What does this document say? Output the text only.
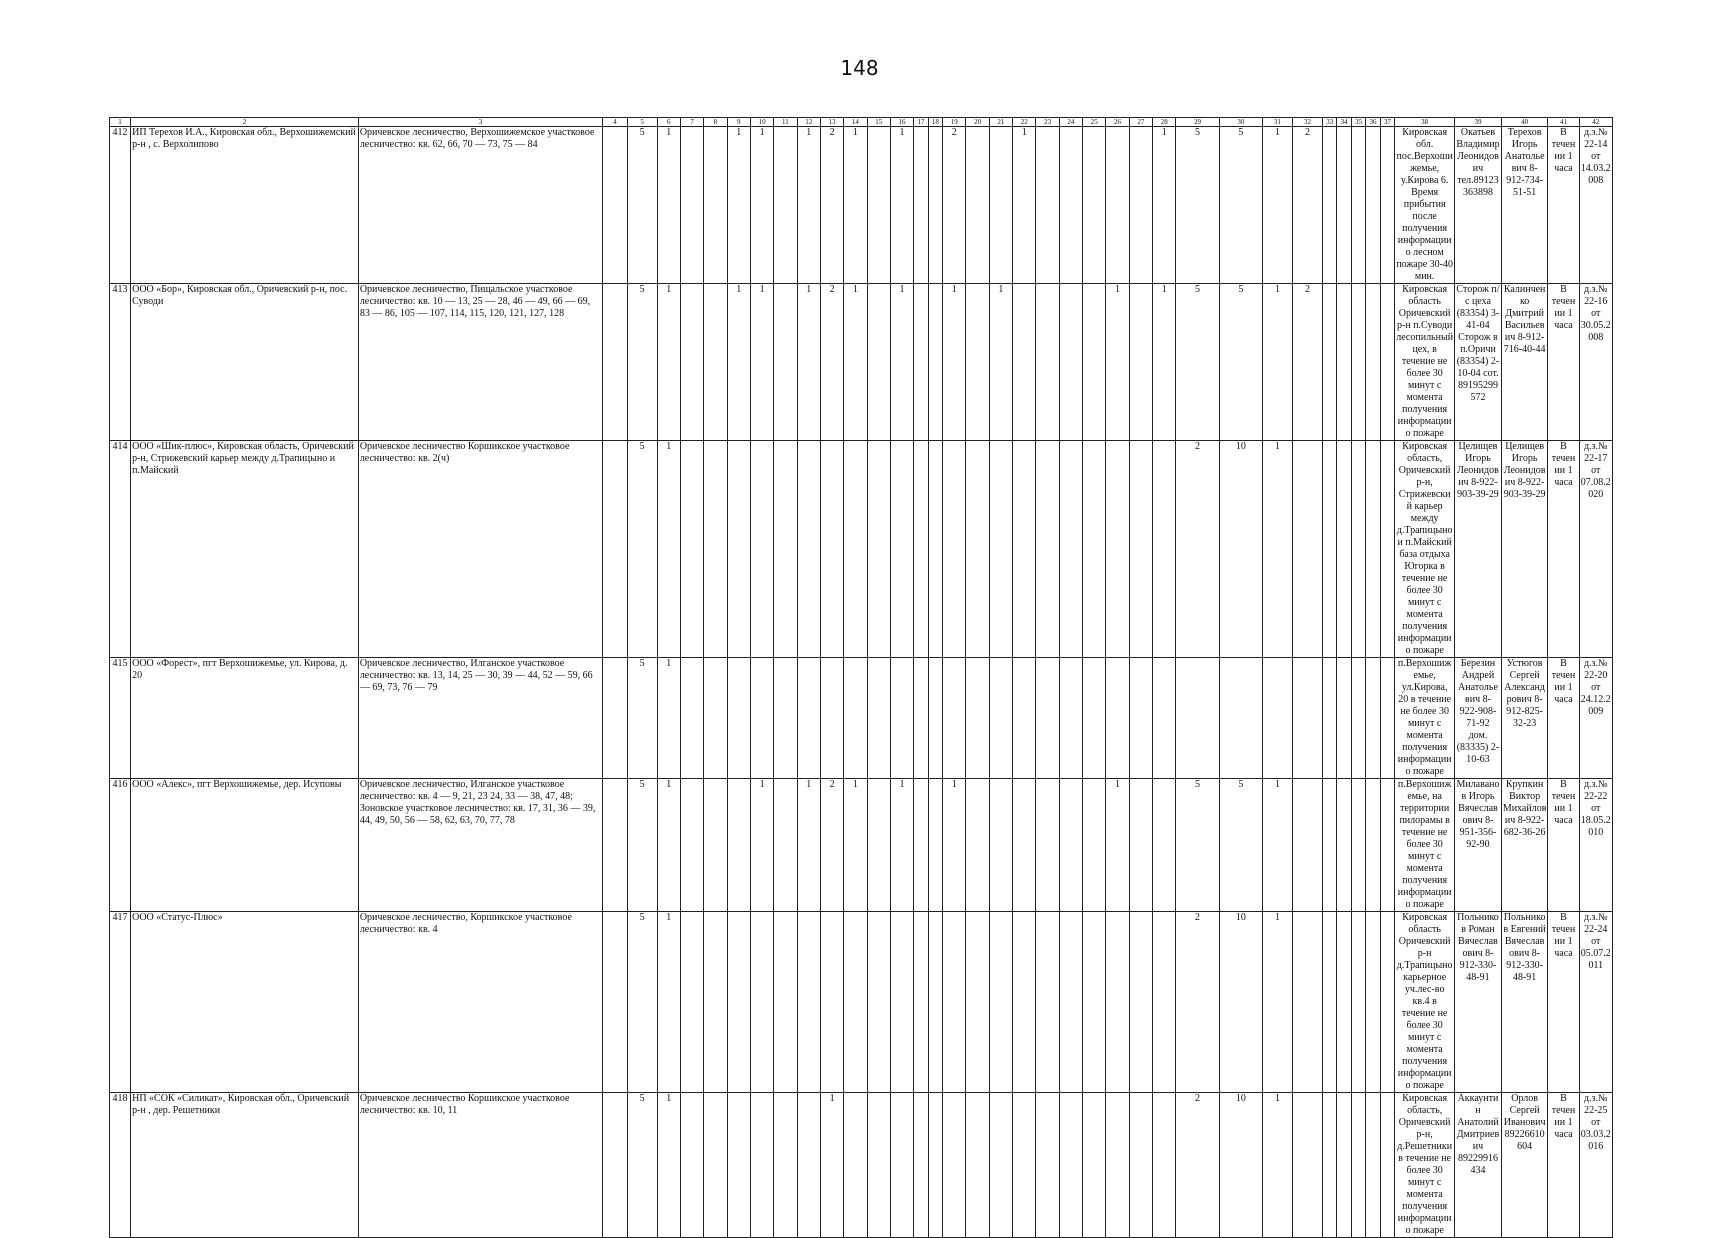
148
1	2	3	4	5	6	7	8	9	10	11	12	13	14	15	16	17	18	19	20	21	22	23	24	25	26	27	28	29	30	31	32	33	34	35	36	37	38	39	40	41	42
412	ИП Терехов И.А., Кировская обл., Верхошижемский р-н , с. Верхолипово	Оричевское лесничество, Верхошижемское участковое лесничество: кв. 62, 66, 70 — 73, 75 — 84		5	1			1	1		1	2	1		1			2			1						1	5	5	1	2						Кировская обл. пос.Верхоши жемье, у.Кирова 6. Время прибытия после получения информации о лесном пожаре 30-40 мин.	Окатьев Владимир Леонидович тел.89123363898	Терехов Игорь Анатольевич 8-912-734-51-51	В течении 1 часа	д.з.№ 22-14 от 14.03.2008
413	ООО «Бор», Кировская обл., Оричевский р-н, пос. Суводи	Оричевское лесничество, Пищальское участковое лесничество: кв. 10 — 13, 25 — 28, 46 — 49, 66 — 69, 83 — 86, 105 — 107, 114, 115, 120, 121, 127, 128		5	1			1	1		1	2	1		1			1		1					1		1	5	5	1	2						Кировская область Оричевский р-н п.Суводи лесопильный цех, в течение не более 30 минут с момента получения информации о пожаре	Сторож п/с цеха (83354) 3-41-04 Сторож в п.Оричи (83354) 2-10-04 сот. 89195299572	Калинченко Дмитрий Васильевич 8-912-716-40-44	В течении 1 часа	д.з.№ 22-16 от 30.05.2008
414	ООО «Шик-плюс», Кировская область, Оричевский р-н, Стрижевский карьер между д.Трапицыно и п.Майский	Оричевское лесничество Коршикское участковое лесничество: кв. 2(ч)		5	1																							2	10	1							Кировская область, Оричевский р-н, Стрижевский карьер между д.Трапицыно и п.Майский база отдыха Югорка в течение не более 30 минут с момента получения информации о пожаре	Целищев Игорь Леонидович 8-922-903-39-29	Целищев Игорь Леонидович 8-922-903-39-29	В течении 1 часа	д.з.№ 22-17 от 07.08.2020
415	ООО «Форест», пгт Верхошижемье, ул. Кирова, д. 20	Оричевское лесничество, Илганское участковое лесничество: кв. 13, 14, 25 — 30, 39 — 44, 52 — 59, 66 — 69, 73, 76 — 79		5	1																																п.Верхошижемье, ул.Кирова, 20 в течение не более 30 минут с момента получения информации о пожаре	Березин Андрей Анатольевич 8-922-908-71-92 дом.(83335) 2-10-63	Устюгов Сергей Александрович 8-912-825-32-23	В течении 1 часа	д.з.№ 22-20 от 24.12.2009
416	ООО «Алекс», пгт Верхошижемье, дер. Исуповы	Оричевское лесничество, Илганское участковое лесничество: кв. 4 — 9, 21, 23 24, 33 — 38, 47, 48; Зоновское участковое лесничество: кв. 17, 31, 36 — 39, 44, 49, 50, 56 — 58, 62, 63, 70, 77, 78		5	1				1		1	2	1		1			1							1			5	5	1							п.Верхошижемье, на территории пилорамы в течение не более 30 минут с момента получения информации о пожаре	Милаванов Игорь Вячеславович 8-951-356-92-90	Крупкин Виктор Михайлович 8-922-682-36-26	В течении 1 часа	д.з.№ 22-22 от 18.05.2010
417	ООО «Статус-Плюс»	Оричевское лесничество, Коршикское участковое лесничество: кв. 4		5	1																							2	10	1							Кировская область Оричевский р-н д.Трапицыно карьерное уч.лес-во кв.4 в течение не более 30 минут с момента получения информации о пожаре	Польников Роман Вячеславович 8-912-330-48-91	Польников Евгений Вячеславович 8-912-330-48-91	В течении 1 часа	д.з.№ 22-24 от 05.07.2011
418	НП «СОК «Силикат», Кировская обл., Оричевский р-н , дер. Решетники	Оричевское лесничество Коршикское участковое лесничество: кв. 10, 11		5	1							1																2	10	1							Кировская область, Оричевский р-н, д.Решетники в течение не более 30 минут с момента получения информации о пожаре	Аккаунтин Анатолий Дмитриевич 89229916434	Орлов Сергей Иванович 89226610604	В течении 1 часа	д.з.№ 22-25 от 03.03.2016
